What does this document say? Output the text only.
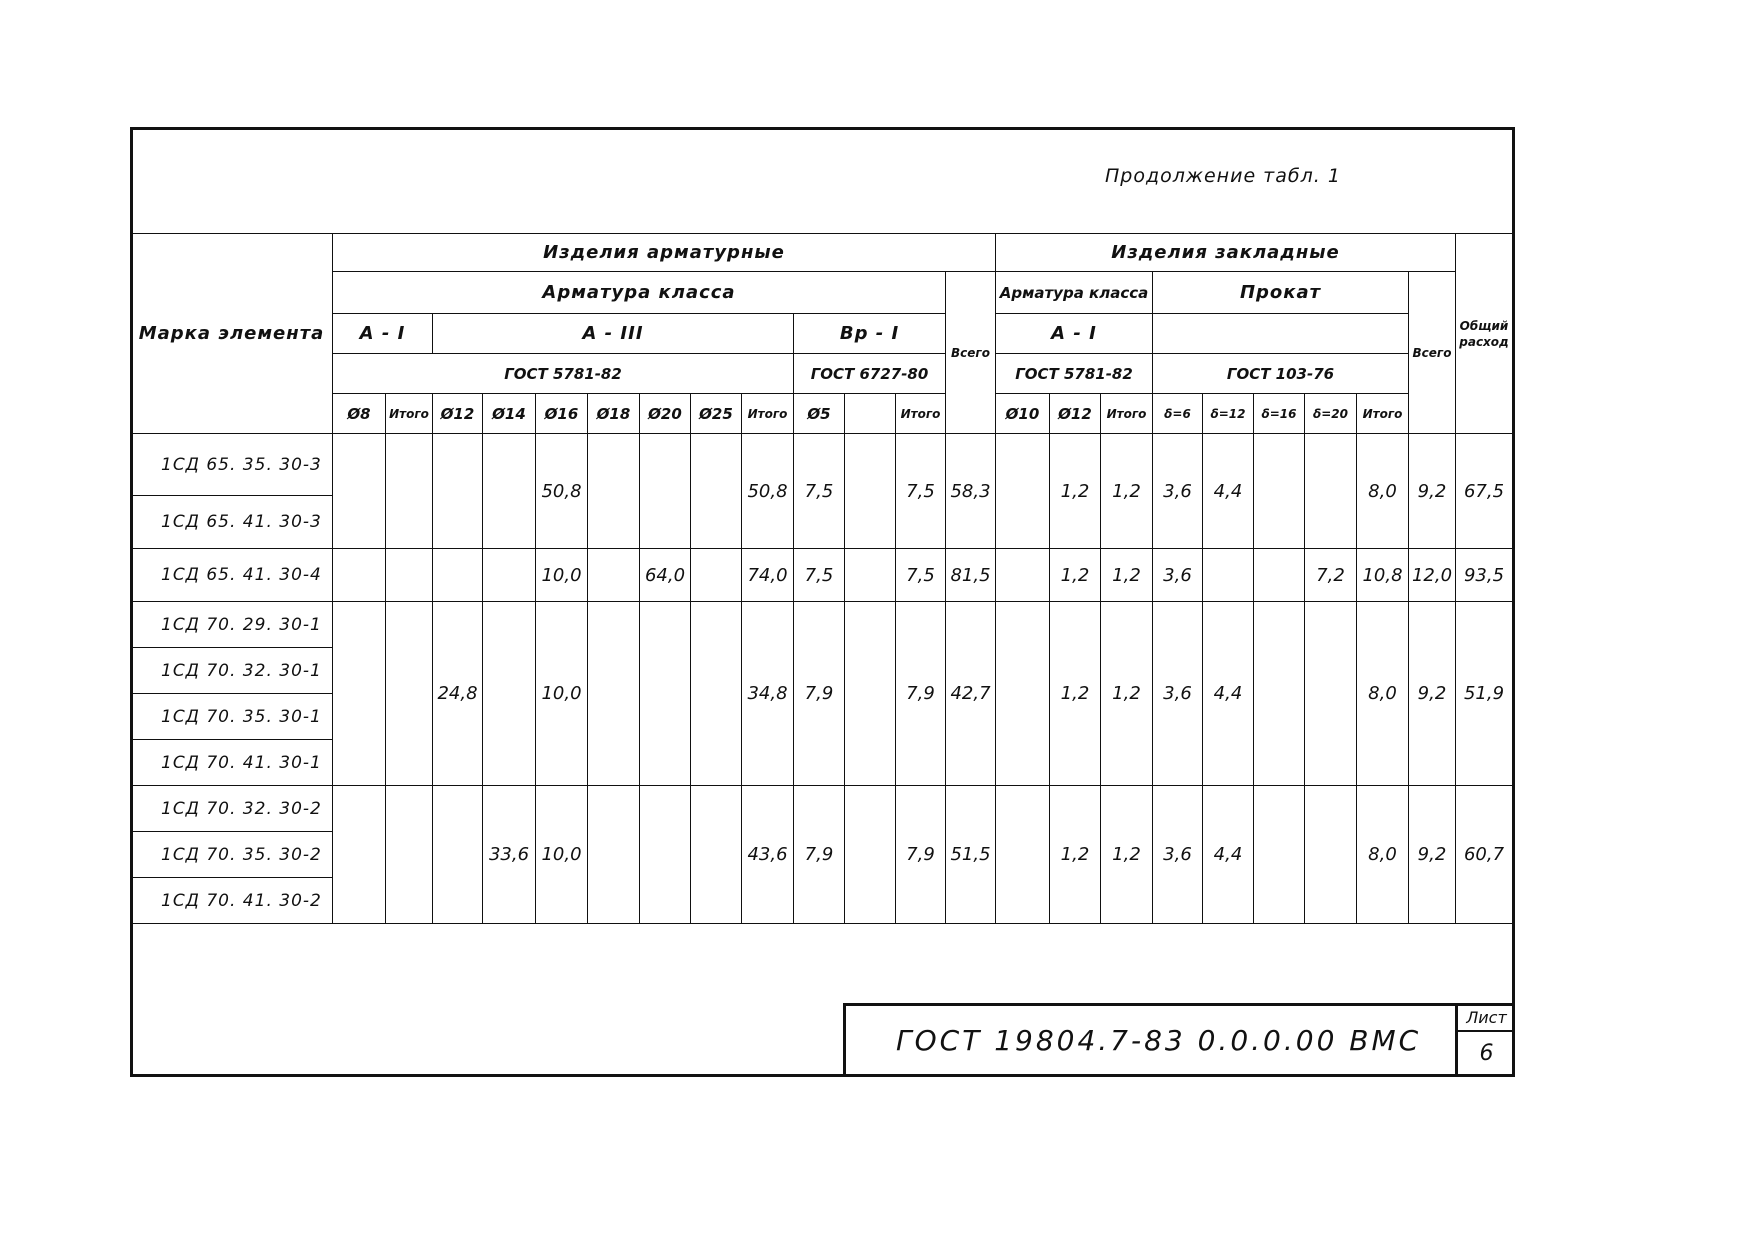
Продолжение табл. 1
Марка элемента	Изделия арматурные													Изделия закладные									Общий расход
	Арматура класса												Всего	Арматура класса			Прокат					Всего	
	А - I		А - III							Вр - I				А - I									
	ГОСТ 5781-82									ГОСТ 6727-80				ГОСТ 5781-82			ГОСТ 103-76						
	Ø8	Итого	Ø12	Ø14	Ø16	Ø18	Ø20	Ø25	Итого	Ø5		Итого		Ø10	Ø12	Итого	δ=6	δ=12	δ=16	δ=20	Итого		
1СД 65. 35. 30-3					50,8				50,8	7,5		7,5	58,3		1,2	1,2	3,6	4,4			8,0	9,2	67,5
1СД 65. 41. 30-3																							
1СД 65. 41. 30-4					10,0		64,0		74,0	7,5		7,5	81,5		1,2	1,2	3,6			7,2	10,8	12,0	93,5
1СД 70. 29. 30-1			24,8		10,0				34,8	7,9		7,9	42,7		1,2	1,2	3,6	4,4			8,0	9,2	51,9
1СД 70. 32. 30-1																							
1СД 70. 35. 30-1																							
1СД 70. 41. 30-1																							
1СД 70. 32. 30-2				33,6	10,0				43,6	7,9		7,9	51,5		1,2	1,2	3,6	4,4			8,0	9,2	60,7
1СД 70. 35. 30-2																							
1СД 70. 41. 30-2																							
ГОСТ 19804.7-83 0.0.0.00 ВМС
Лист
6
